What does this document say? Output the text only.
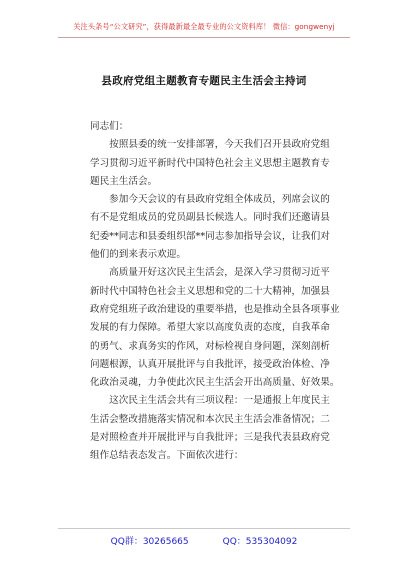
关注头条号“公文研究”，获得最新最全最专业的公文资料库！ 微信：gongwenyj
县政府党组主题教育专题民主生活会主持词
同志们：
　　按照县委的统一安排部署，今天我们召开县政府党组
学习贯彻习近平新时代中国特色社会主义思想主题教育专
题民主生活会。
　　参加今天会议的有县政府党组全体成员，列席会议的
有不是党组成员的党员副县长候选人。同时我们还邀请县
纪委**同志和县委组织部**同志参加指导会议，让我们对
他们的到来表示欢迎。
　　高质量开好这次民主生活会，是深入学习贯彻习近平
新时代中国特色社会主义思想和党的二十大精神，加强县
政府党组班子政治建设的重要举措，也是推动全县各项事业
发展的有力保障。希望大家以高度负责的态度，自我革命
的勇气、求真务实的作风，对标检视自身问题，深刻剖析
问题根源，认真开展批评与自我批评，接受政治体检、净
化政治灵魂，力争使此次民主生活会开出高质量、好效果。
　　这次民主生活会共有三项议程：一是通报上年度民主
生活会整改措施落实情况和本次民主生活会准备情况；二
是对照检查并开展批评与自我批评；三是我代表县政府党
组作总结表态发言。下面依次进行：
QQ群：30265665	QQ：535304092
